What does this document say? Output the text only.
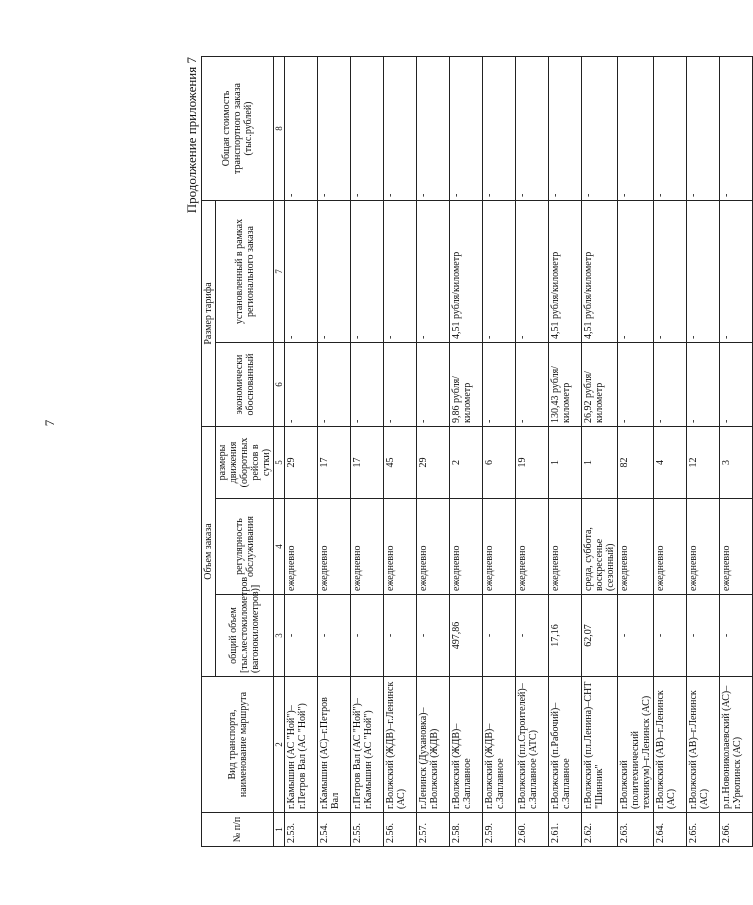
7
Продолжение приложения 7
№ п/п	Вид транспорта, наименование маршрута	Объем заказа			Размер тарифа		Общая стоимость транспортного заказа (тыс.рублей)
		общий объем [тыс.местокилометров (вагонокилометров)]	регулярность обслуживания	размеры движения (оборотных рейсов в сутки)	экономически обоснованный	установленный в рамках регионального заказа	
1	2	3	4	5	6	7	8
2.53.	г.Камышин (АС "Ной")–г.Петров Вал (АС "Ной")	-	ежедневно	29	-	-	-
2.54.	г.Камышин (АС)–г.Петров Вал	-	ежедневно	17	-	-	-
2.55.	г.Петров Вал (АС "Ной")–г.Камышин (АС "Ной")	-	ежедневно	17	-	-	-
2.56.	г.Волжский (ЖДВ)–г.Ленинск (АС)	-	ежедневно	45	-	-	-
2.57.	г.Ленинск (Духановка)–г.Волжский (ЖДВ)	-	ежедневно	29	-	-	-
2.58.	г.Волжский (ЖДВ)–с.Заплавное	497,86	ежедневно	2	9,86 рубля/километр	4,51 рубля/километр	-
2.59.	г.Волжский (ЖДВ)–с.Заплавное	-	ежедневно	6	-	-	-
2.60.	г.Волжский (пл.Строителей)–с.Заплавное (АТС)	-	ежедневно	19	-	-	-
2.61.	г.Волжский (п.Рабочий)–с.Заплавное	17,16	ежедневно	1	130,43 рубля/километр	4,51 рубля/километр	-
2.62.	г.Волжский (пл.Ленина)–СНТ "Шинник"	62,07	среда, суббота, воскресенье (сезонный)	1	26,92 рубля/километр	4,51 рубля/километр	-
2.63.	г.Волжский (политехнический техникум)–г.Ленинск (АС)	-	ежедневно	82	-	-	-
2.64.	г.Волжский (АВ)–г.Ленинск (АС)	-	ежедневно	4	-	-	-
2.65.	г.Волжский (АВ)–г.Ленинск (АС)	-	ежедневно	12	-	-	-
2.66.	р.п.Новониколаевский (АС)–г.Урюпинск (АС)	-	ежедневно	3	-	-	-
